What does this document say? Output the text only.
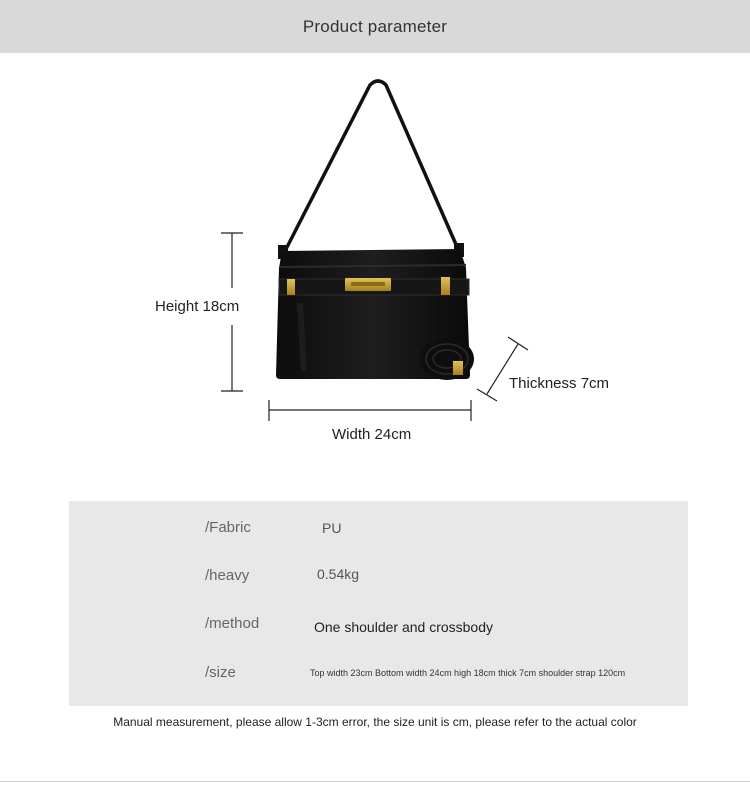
Product parameter
Height 18cm
Width 24cm
Thickness 7cm
/Fabric	PU
/heavy	0.54kg
/method	One shoulder and crossbody
/size	Top width 23cm Bottom width 24cm high 18cm thick 7cm shoulder strap 120cm
Manual measurement, please allow 1-3cm error, the size unit is cm, please refer to the actual color
